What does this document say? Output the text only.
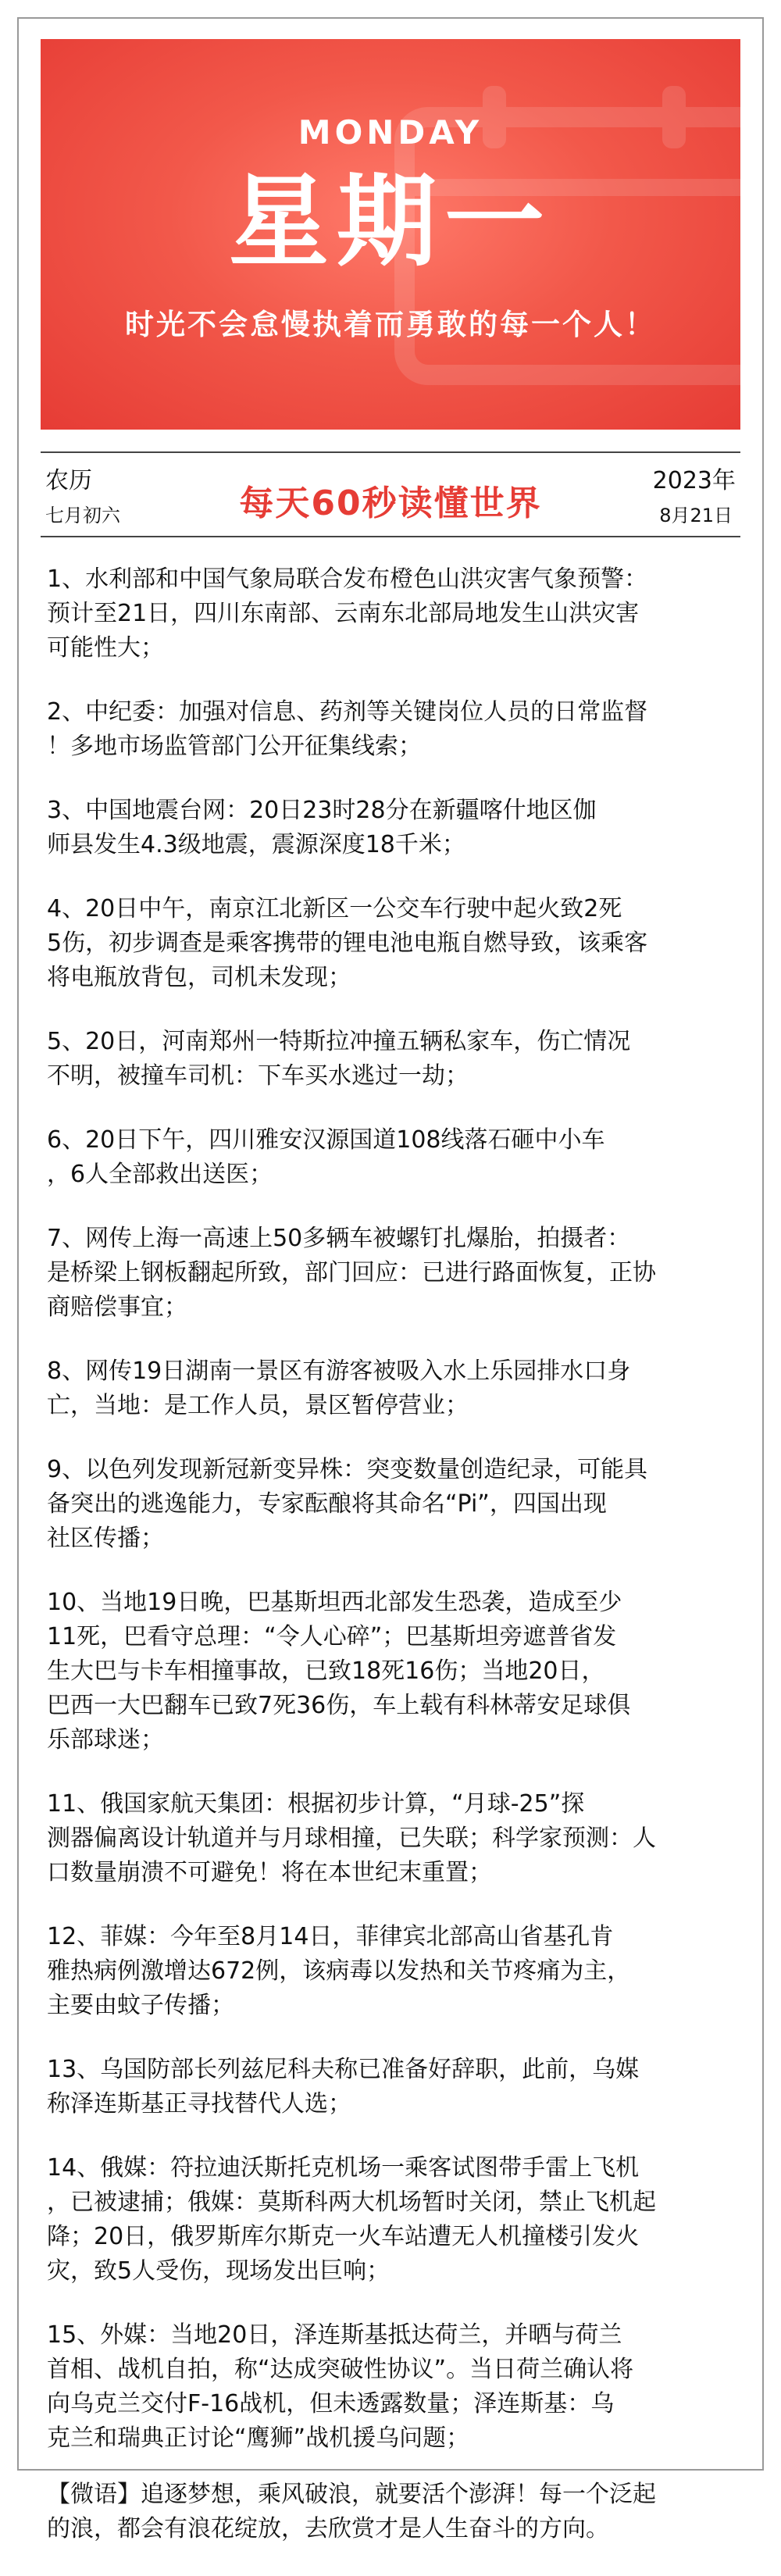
MONDAY
星期一
时光不会怠慢执着而勇敢的每一个人！
农历
七月初六	每天60秒读懂世界
2023年
8月21日

1、水利部和中国气象局联合发布橙色山洪灾害气象预警：
预计至21日，四川东南部、云南东北部局地发生山洪灾害
可能性大；

2、中纪委：加强对信息、药剂等关键岗位人员的日常监督
！多地市场监管部门公开征集线索；

3、中国地震台网：20日23时28分在新疆喀什地区伽
师县发生4.3级地震，震源深度18千米；

4、20日中午，南京江北新区一公交车行驶中起火致2死
5伤，初步调查是乘客携带的锂电池电瓶自燃导致，该乘客
将电瓶放背包，司机未发现；

5、20日，河南郑州一特斯拉冲撞五辆私家车，伤亡情况
不明，被撞车司机：下车买水逃过一劫；

6、20日下午，四川雅安汉源国道108线落石砸中小车
，6人全部救出送医；

7、网传上海一高速上50多辆车被螺钉扎爆胎，拍摄者：
是桥梁上钢板翻起所致，部门回应：已进行路面恢复，正协
商赔偿事宜；

8、网传19日湖南一景区有游客被吸入水上乐园排水口身
亡，当地：是工作人员，景区暂停营业；

9、以色列发现新冠新变异株：突变数量创造纪录，可能具
备突出的逃逸能力，专家酝酿将其命名“Pi”，四国出现
社区传播；

10、当地19日晚，巴基斯坦西北部发生恐袭，造成至少
11死，巴看守总理：“令人心碎”；巴基斯坦旁遮普省发
生大巴与卡车相撞事故，已致18死16伤；当地20日，
巴西一大巴翻车已致7死36伤，车上载有科林蒂安足球俱
乐部球迷；

11、俄国家航天集团：根据初步计算，“月球-25”探
测器偏离设计轨道并与月球相撞，已失联；科学家预测：人
口数量崩溃不可避免！将在本世纪末重置；

12、菲媒：今年至8月14日，菲律宾北部高山省基孔肯
雅热病例激增达672例，该病毒以发热和关节疼痛为主，
主要由蚊子传播；

13、乌国防部长列兹尼科夫称已准备好辞职，此前，乌媒
称泽连斯基正寻找替代人选；

14、俄媒：符拉迪沃斯托克机场一乘客试图带手雷上飞机
，已被逮捕；俄媒：莫斯科两大机场暂时关闭，禁止飞机起
降；20日，俄罗斯库尔斯克一火车站遭无人机撞楼引发火
灾，致5人受伤，现场发出巨响；

15、外媒：当地20日，泽连斯基抵达荷兰，并晒与荷兰
首相、战机自拍，称“达成突破性协议”。当日荷兰确认将
向乌克兰交付F-16战机，但未透露数量；泽连斯基：乌
克兰和瑞典正讨论“鹰狮”战机援乌问题；

【微语】追逐梦想，乘风破浪，就要活个澎湃！每一个泛起
的浪，都会有浪花绽放，去欣赏才是人生奋斗的方向。
